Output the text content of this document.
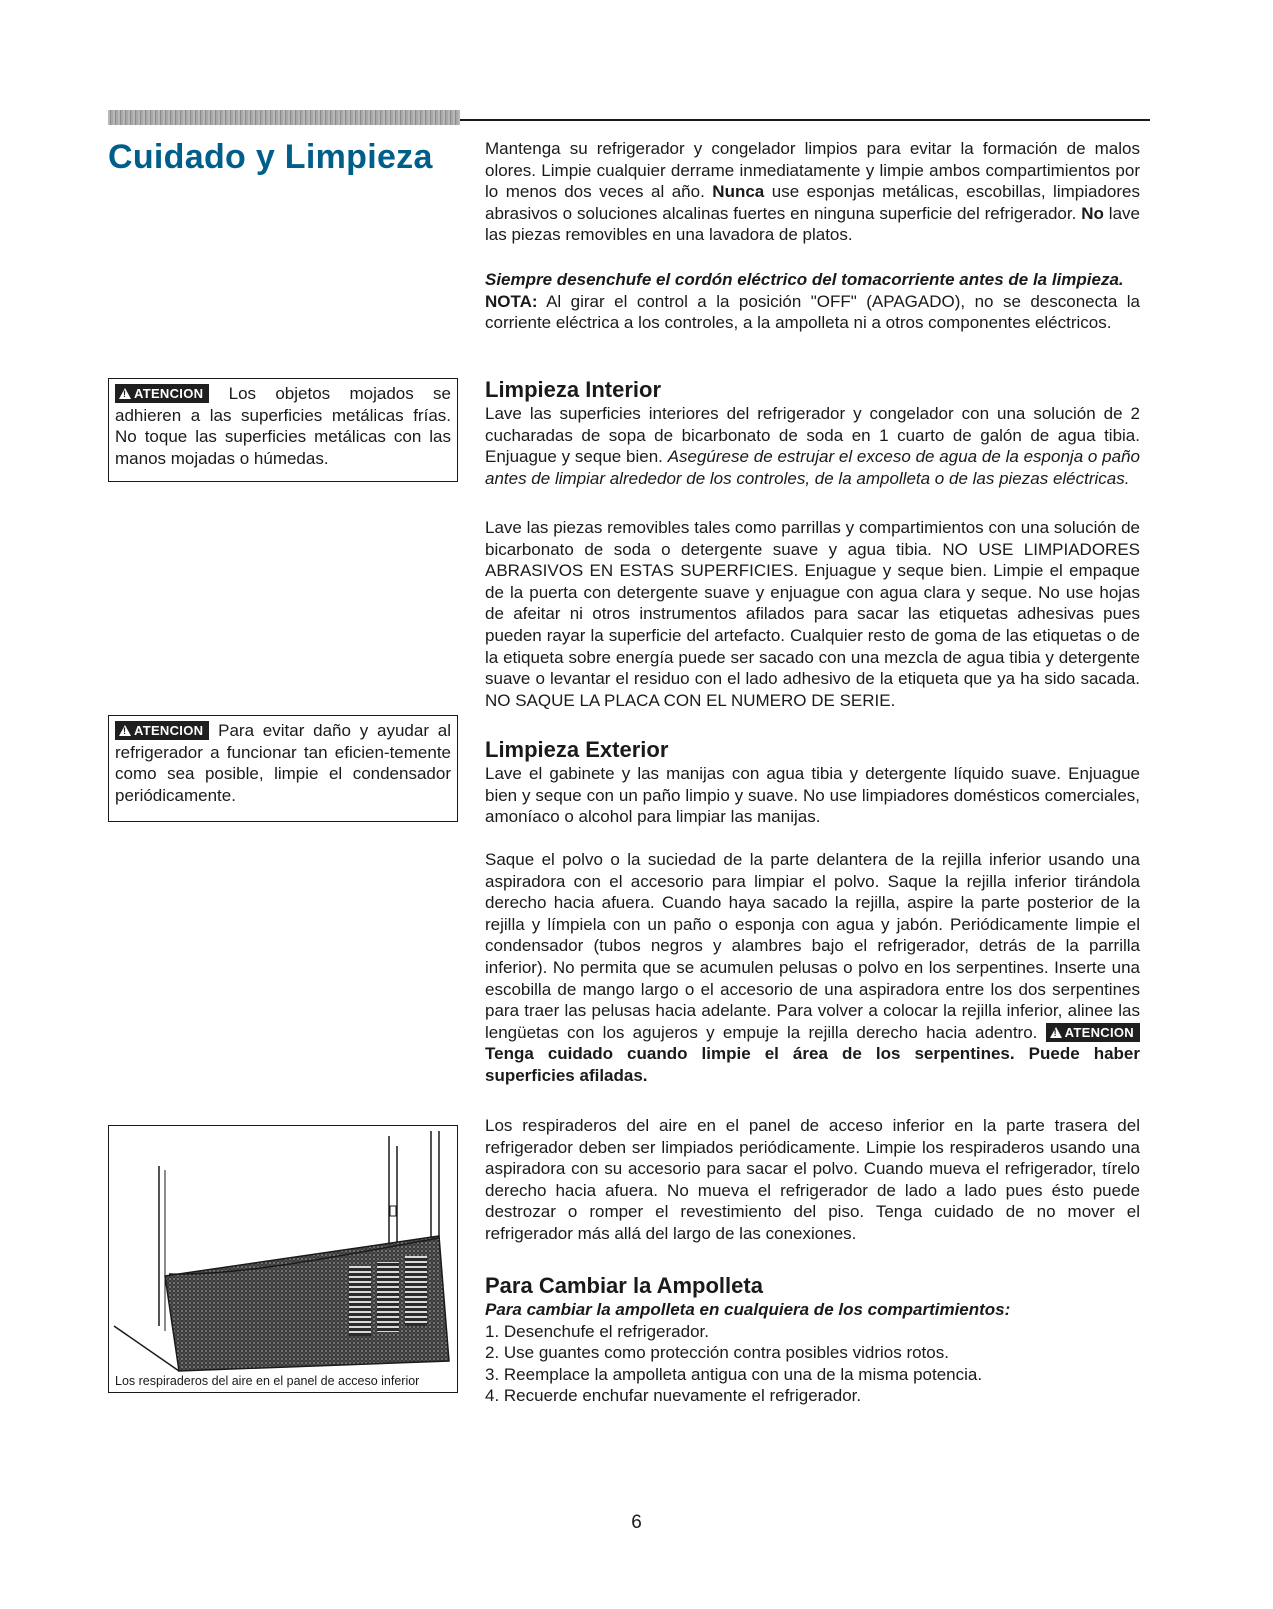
Cuidado y Limpieza	Mantenga su refrigerador y congelador limpios para evitar la formación de malos olores. Limpie cualquier derrame inmediatamente y limpie ambos compartimientos por lo menos dos veces al año. Nunca use esponjas metálicas, escobillas, limpiadores abrasivos o soluciones alcalinas fuertes en ninguna superficie del refrigerador. No lave las piezas removibles en una lavadora de platos.

Siempre desenchufe el cordón eléctrico del tomacorriente antes de la limpieza.

NOTA: Al girar el control a la posición "OFF" (APAGADO), no se desconecta la corriente eléctrica a los controles, a la ampolleta ni a otros componentes eléctricos.

!ATENCION Los objetos mojados se adhieren a las superficies metálicas frías. No toque las superficies metálicas con las manos mojadas o húmedas.
Limpieza Interior

Lave las superficies interiores del refrigerador y congelador con una solución de 2 cucharadas de sopa de bicarbonato de soda en 1 cuarto de galón de agua tibia. Enjuague y seque bien. Asegúrese de estrujar el exceso de agua de la esponja o paño antes de limpiar alrededor de los controles, de la ampolleta o de las piezas eléctricas.

Lave las piezas removibles tales como parrillas y compartimientos con una solución de bicarbonato de soda o detergente suave y agua tibia. NO USE LIMPIADORES ABRASIVOS EN ESTAS SUPERFICIES. Enjuague y seque bien. Limpie el empaque de la puerta con detergente suave y enjuague con agua clara y seque. No use hojas de afeitar ni otros instrumentos afilados para sacar las etiquetas adhesivas pues pueden rayar la superficie del artefacto. Cualquier resto de goma de las etiquetas o de la etiqueta sobre energía puede ser sacado con una mezcla de agua tibia y detergente suave o levantar el residuo con el lado adhesivo de la etiqueta que ya ha sido sacada. NO SAQUE LA PLACA CON EL NUMERO DE SERIE.

!ATENCION Para evitar daño y ayudar al refrigerador a funcionar tan eficien-temente como sea posible, limpie el condensador periódicamente.
Limpieza Exterior

Lave el gabinete y las manijas con agua tibia y detergente líquido suave. Enjuague bien y seque con un paño limpio y suave. No use limpiadores domésticos comerciales, amoníaco o alcohol para limpiar las manijas.

Saque el polvo o la suciedad de la parte delantera de la rejilla inferior usando una aspiradora con el accesorio para limpiar el polvo. Saque la rejilla inferior tirándola derecho hacia afuera. Cuando haya sacado la rejilla, aspire la parte posterior de la rejilla y límpiela con un paño o esponja con agua y jabón. Periódicamente limpie el condensador (tubos negros y alambres bajo el refrigerador, detrás de la parrilla inferior). No permita que se acumulen pelusas o polvo en los serpentines. Inserte una escobilla de mango largo o el accesorio de una aspiradora entre los dos serpentines para traer las pelusas hacia adelante. Para volver a colocar la rejilla inferior, alinee las lengüetas con los agujeros y empuje la rejilla derecho hacia adentro. ! ATENCION Tenga cuidado cuando limpie el área de los serpentines. Puede haber superficies afiladas.

Los respiraderos del aire en el panel de acceso inferior en la parte trasera del refrigerador deben ser limpiados periódicamente. Limpie los respiraderos usando una aspiradora con su accesorio para sacar el polvo. Cuando mueva el refrigerador, tírelo derecho hacia afuera. No mueva el refrigerador de lado a lado pues ésto puede destrozar o romper el revestimiento del piso. Tenga cuidado de no mover el refrigerador más allá del largo de las conexiones.

Los respiraderos del aire en el panel de acceso inferior
Para Cambiar la Ampolleta

Para cambiar la ampolleta en cualquiera de los compartimientos:

1. Desenchufe el refrigerador.
2. Use guantes como protección contra posibles vidrios rotos.
3. Reemplace la ampolleta antigua con una de la misma potencia.
4. Recuerde enchufar nuevamente el refrigerador.
6
